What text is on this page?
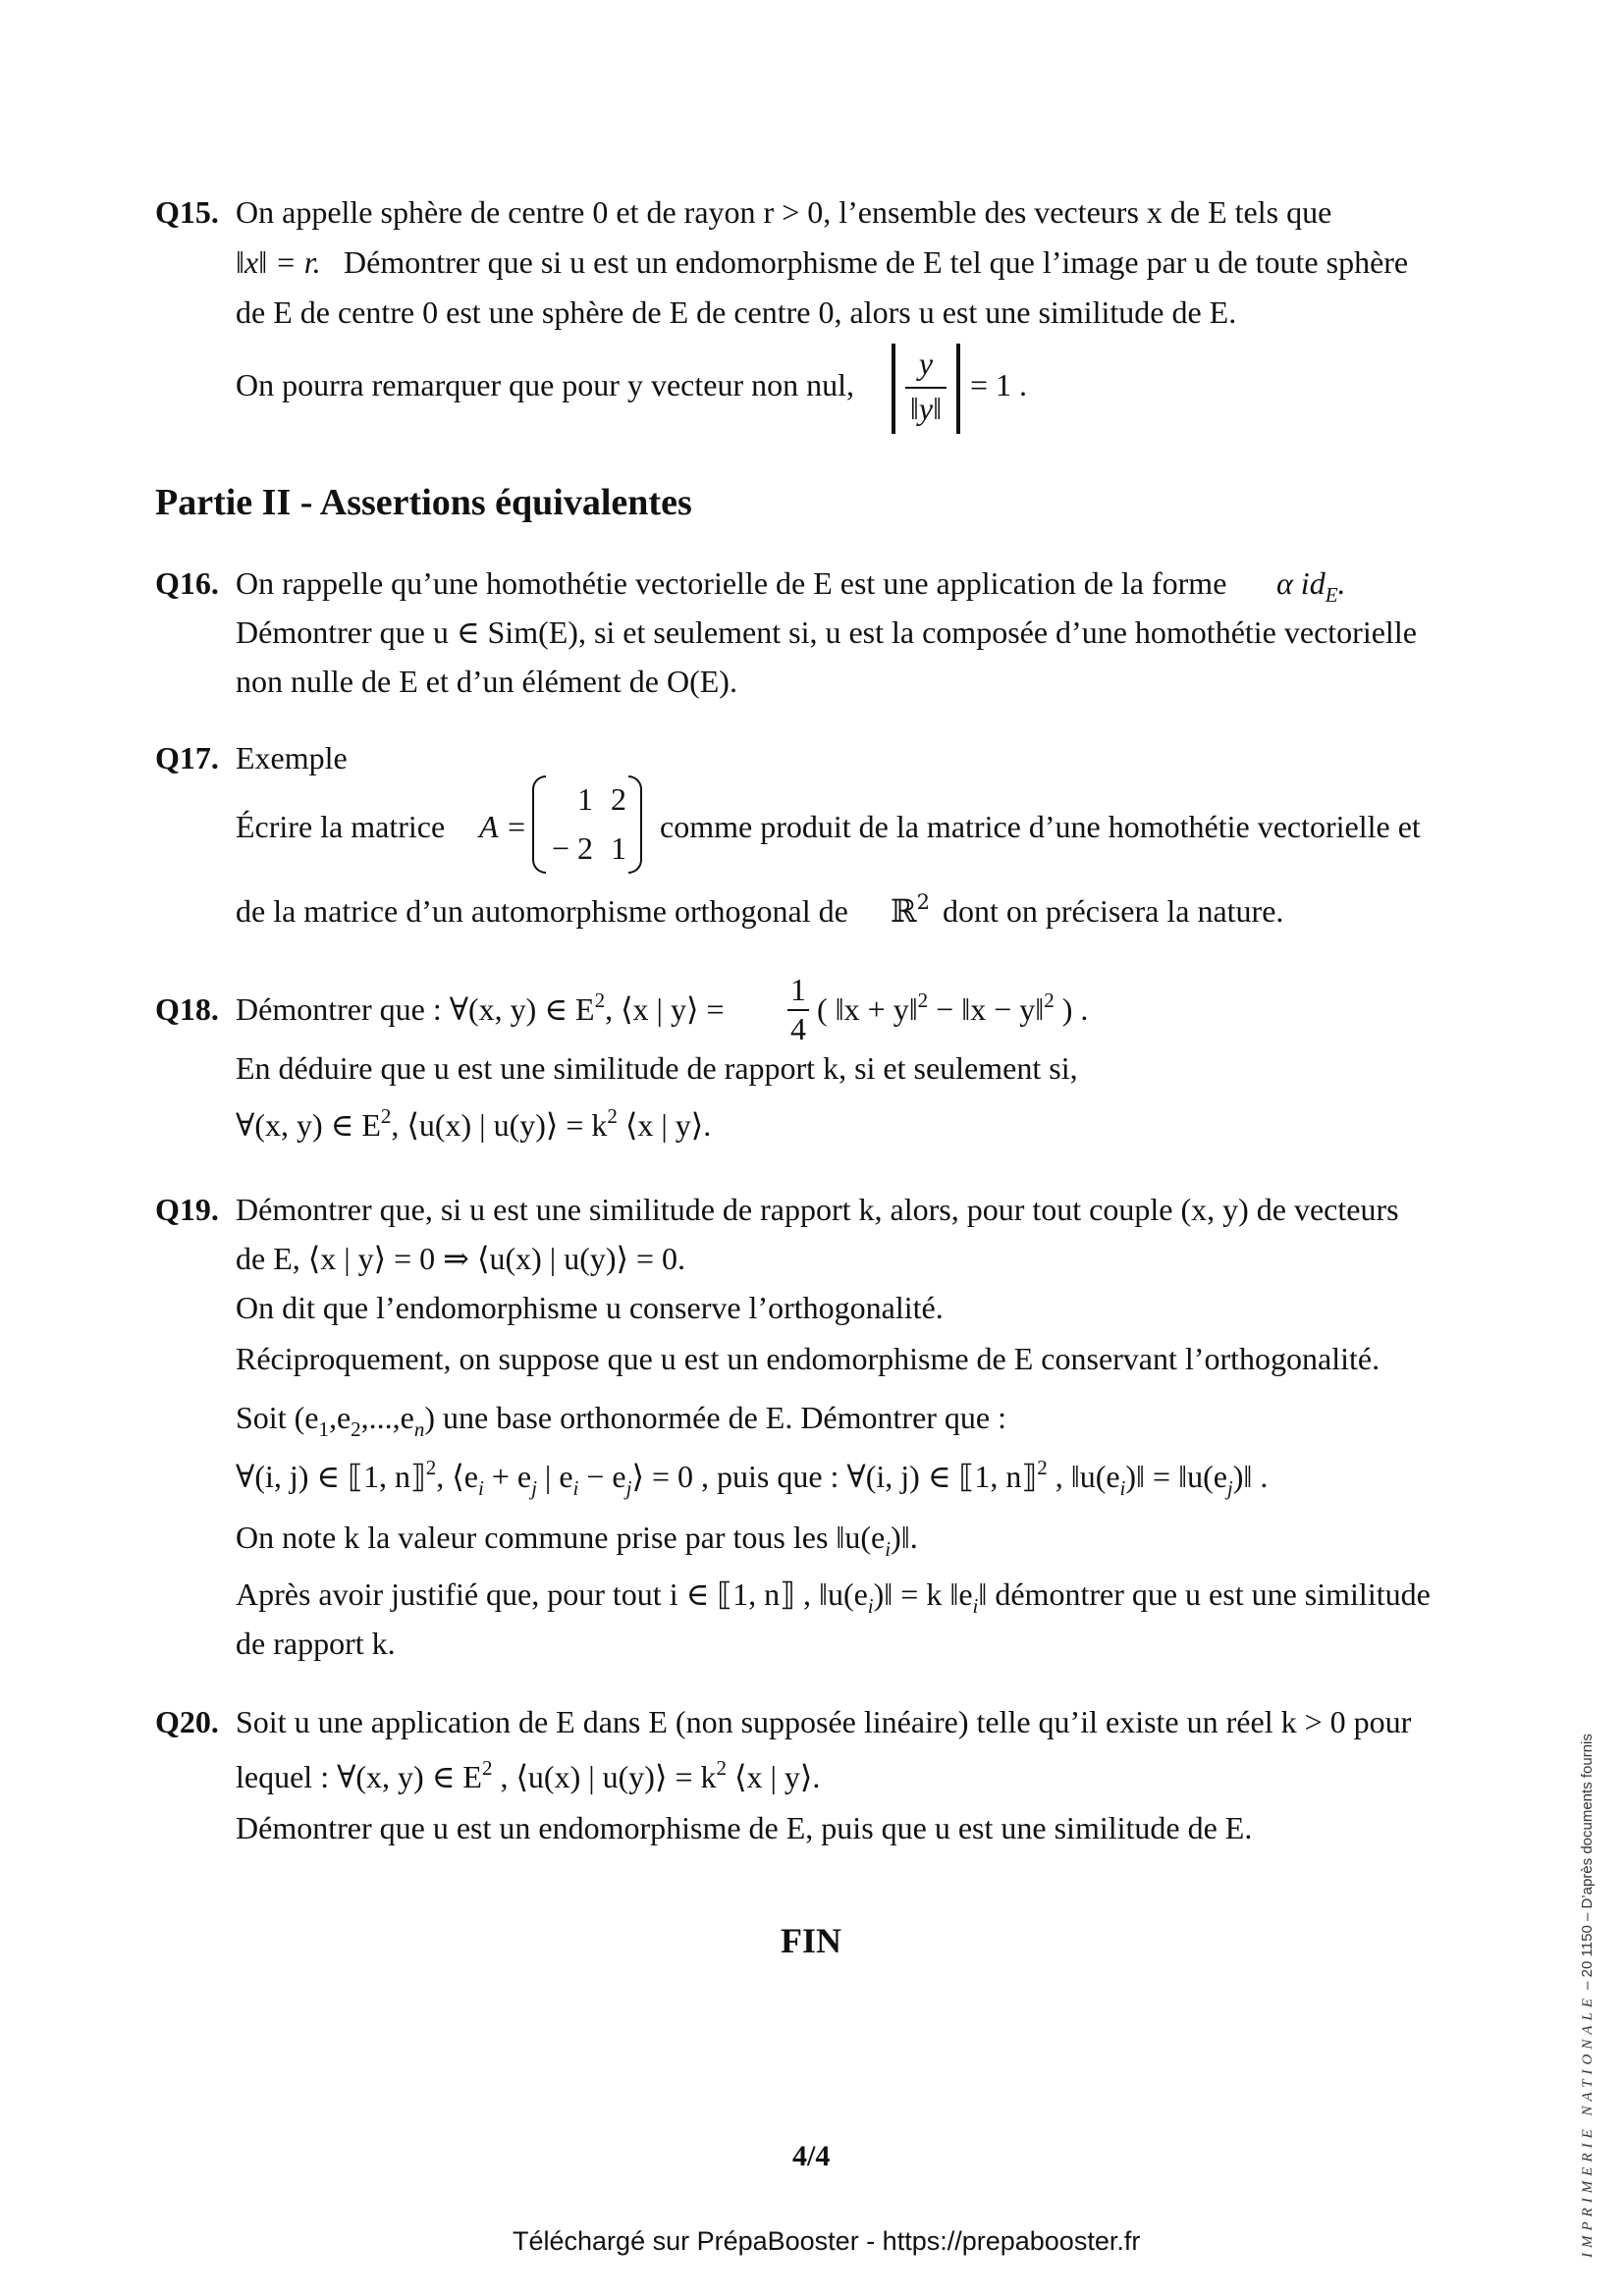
Q15. On appelle sphère de centre 0 et de rayon r > 0, l’ensemble des vecteurs x de E tels que
‖x‖ = r. Démontrer que si u est un endomorphisme de E tel que l’image par u de toute sphère
de E de centre 0 est une sphère de E de centre 0, alors u est une similitude de E.
On pourra remarquer que pour y vecteur non nul,
y
‖y‖
= 1 .
Partie II - Assertions équivalentes
Q16. On rappelle qu’une homothétie vectorielle de E est une application de la forme α $id_E$.
Démontrer que u ∈ Sim(E), si et seulement si, u est la composée d’une homothétie vectorielle
non nulle de E et d’un élément de O(E).
Q17. Exemple
Écrire la matrice A =
1 2
− 2 1
comme produit de la matrice d’une homothétie vectorielle et
de la matrice d’un automorphisme orthogonal de ℝ$^2$ dont on précisera la nature.
Q18. Démontrer que : ∀(x, y) ∈ $E^2$, ⟨x | y⟩ =
1
4
( ‖x + y‖$^2$ − ‖x − y‖$^2$ ) .
En déduire que u est une similitude de rapport k, si et seulement si,
∀(x, y) ∈ $E^2$, ⟨u(x) | u(y)⟩ = $k^2$ ⟨x | y⟩.
Q19. Démontrer que, si u est une similitude de rapport k, alors, pour tout couple (x, y) de vecteurs
de E, ⟨x | y⟩ = 0 ⇒ ⟨u(x) | u(y)⟩ = 0.
On dit que l’endomorphisme u conserve l’orthogonalité.
Réciproquement, on suppose que u est un endomorphisme de E conservant l’orthogonalité.
Soit $(e_1,e_2,...,e_n)$ une base orthonormée de E. Démontrer que :
∀(i, j) ∈ ⟦1, n⟧$^2$, $⟨e_i + e_j$ | $e_i$ − $e_j⟩ = 0$ , puis que : ∀(i, j) ∈ ⟦1, n⟧$^2$ , $‖u(e_i)‖$ = $‖u(e_j)‖$ .
On note k la valeur commune prise par tous les $‖u(e_i)‖$.
Après avoir justifié que, pour tout i ∈ ⟦1, n⟧ , $‖u(e_i)‖ = k$ $‖e_i‖$ démontrer que u est une similitude
de rapport k.
Q20. Soit u une application de E dans E (non supposée linéaire) telle qu’il existe un réel k > 0 pour
lequel : ∀(x, y) ∈ $E^2$ , ⟨u(x) | u(y)⟩ = $k^2$ ⟨x | y⟩.
Démontrer que u est un endomorphisme de E, puis que u est une similitude de E.
FIN
4/4
Téléchargé sur PrépaBooster - https://prepabooster.fr	IMPRIMERIE NATIONALE – 20 1150 – D’après documents fournis
